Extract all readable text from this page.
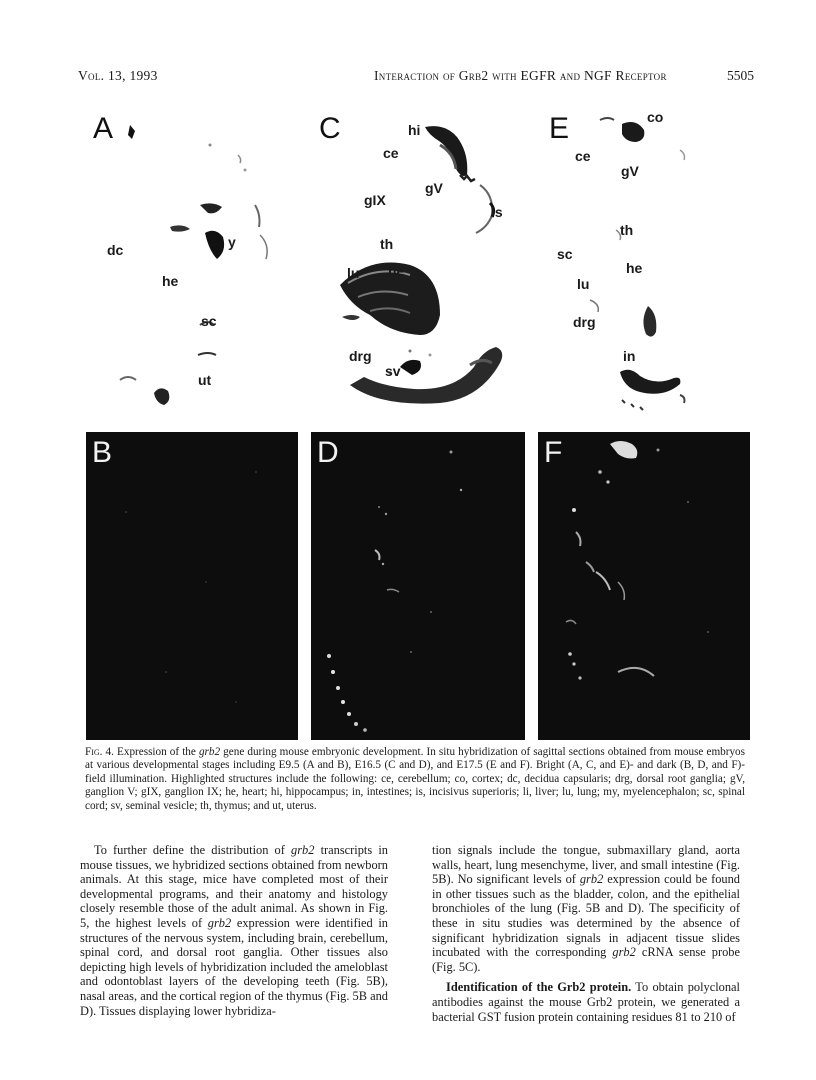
Vol. 13, 1993	Interaction of Grb2 with EGFR and NGF Receptor	5505
A
dc
he
sc
ut
y
C	hi
ce
gV
is
gIX
th
lu he
drg
sv
E	co
ce
gV
th
sc
he
lu
drg
in
B	D	F
Fig. 4. Expression of the grb2 gene during mouse embryonic development. In situ hybridization of sagittal sections obtained from mouse embryos at various developmental stages including E9.5 (A and B), E16.5 (C and D), and E17.5 (E and F). Bright (A, C, and E)- and dark (B, D, and F)-field illumination. Highlighted structures include the following: ce, cerebellum; co, cortex; dc, decidua capsularis; drg, dorsal root ganglia; gV, ganglion V; gIX, ganglion IX; he, heart; hi, hippocampus; in, intestines; is, incisivus superioris; li, liver; lu, lung; my, myelencephalon; sc, spinal cord; sv, seminal vesicle; th, thymus; and ut, uterus.

To further define the distribution of grb2 transcripts in mouse tissues, we hybridized sections obtained from newborn animals. At this stage, mice have completed most of their developmental programs, and their anatomy and histology closely resemble those of the adult animal. As shown in Fig. 5, the highest levels of grb2 expression were identified in structures of the nervous system, including brain, cerebellum, spinal cord, and dorsal root ganglia. Other tissues also depicting high levels of hybridization included the ameloblast and odontoblast layers of the developing teeth (Fig. 5B), nasal areas, and the cortical region of the thymus (Fig. 5B and D). Tissues displaying lower hybridiza-

tion signals include the tongue, submaxillary gland, aorta walls, heart, lung mesenchyme, liver, and small intestine (Fig. 5B). No significant levels of grb2 expression could be found in other tissues such as the bladder, colon, and the epithelial bronchioles of the lung (Fig. 5B and D). The specificity of these in situ studies was determined by the absence of significant hybridization signals in adjacent tissue slides incubated with the corresponding grb2 cRNA sense probe (Fig. 5C).

Identification of the Grb2 protein. To obtain polyclonal antibodies against the mouse Grb2 protein, we generated a bacterial GST fusion protein containing residues 81 to 210 of
